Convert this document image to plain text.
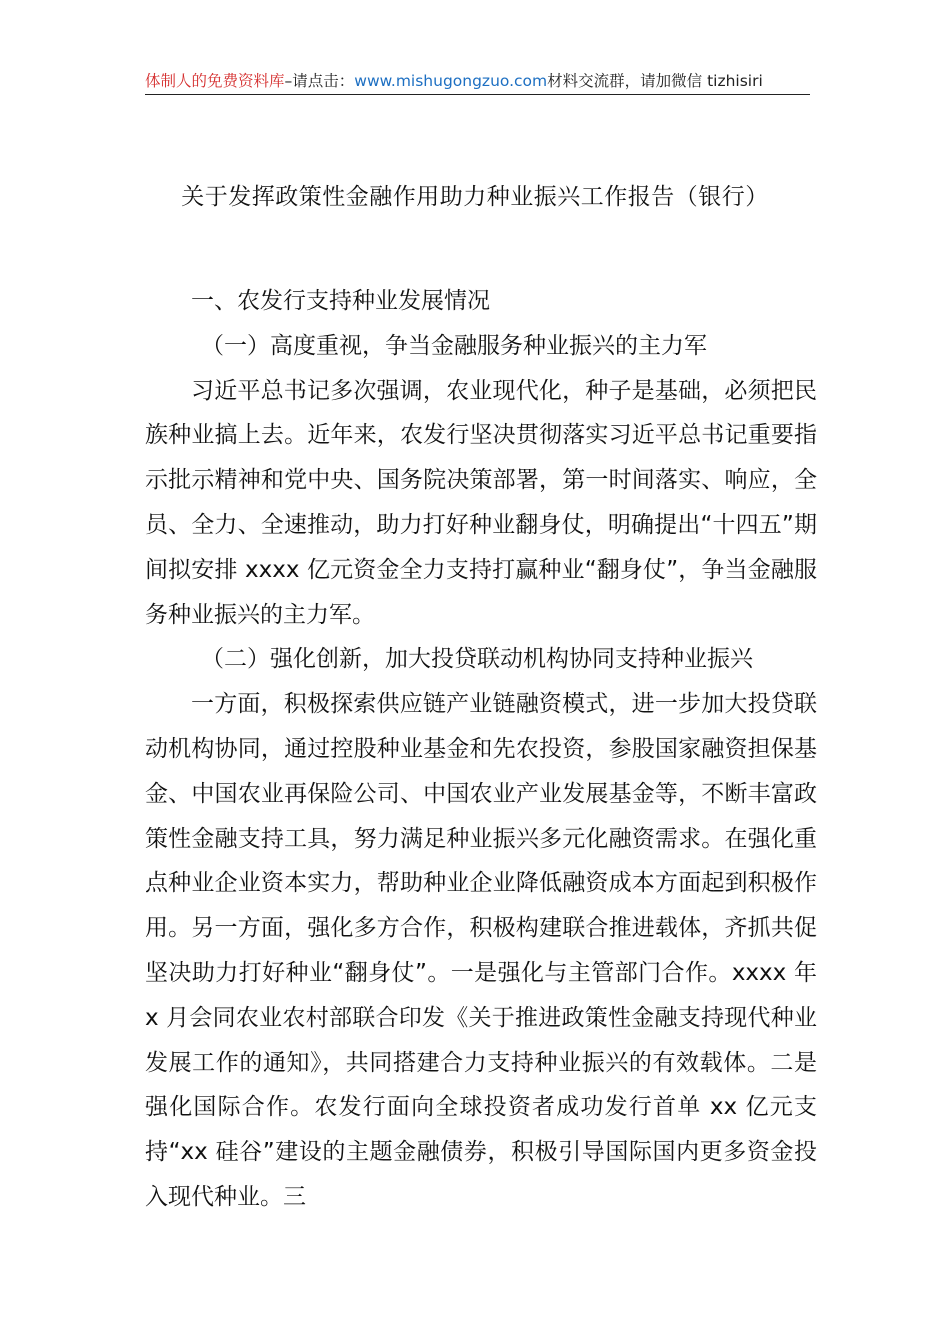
体制人的免费资料库–请点击：www.mishugongzuo.com材料交流群，请加微信 tizhisiri
关于发挥政策性金融作用助力种业振兴工作报告（银行）

一、农发行支持种业发展情况

（一）高度重视，争当金融服务种业振兴的主力军

习近平总书记多次强调，农业现代化，种子是基础，必须把民族种业搞上去。近年来，农发行坚决贯彻落实习近平总书记重要指示批示精神和党中央、国务院决策部署，第一时间落实、响应，全员、全力、全速推动，助力打好种业翻身仗，明确提出“十四五”期间拟安排 xxxx 亿元资金全力支持打赢种业“翻身仗”，争当金融服务种业振兴的主力军。

（二）强化创新，加大投贷联动机构协同支持种业振兴

一方面，积极探索供应链产业链融资模式，进一步加大投贷联动机构协同，通过控股种业基金和先农投资，参股国家融资担保基金、中国农业再保险公司、中国农业产业发展基金等，不断丰富政策性金融支持工具，努力满足种业振兴多元化融资需求。在强化重点种业企业资本实力，帮助种业企业降低融资成本方面起到积极作用。另一方面，强化多方合作，积极构建联合推进载体，齐抓共促坚决助力打好种业“翻身仗”。一是强化与主管部门合作。xxxx 年 x 月会同农业农村部联合印发《关于推进政策性金融支持现代种业发展工作的通知》，共同搭建合力支持种业振兴的有效载体。二是强化国际合作。农发行面向全球投资者成功发行首单 xx 亿元支持“xx 硅谷”建设的主题金融债券，积极引导国际国内更多资金投入现代种业。三
